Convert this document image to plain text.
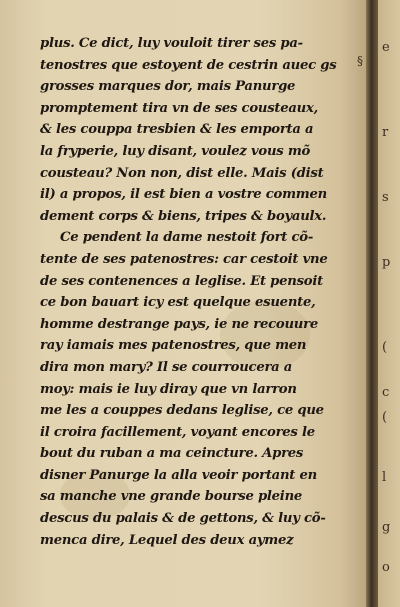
plus. Ce dict, luy vouloit tirer ses pa-
tenostres que estoyent de cestrin auec gs
grosses marques dor, mais Panurge
promptement tira vn de ses cousteaux,
& les couppa tresbien & les emporta a
la fryperie, luy disant, voulez vous mõ
cousteau? Non non, dist elle. Mais (dist
il) a propos, il est bien a vostre commen
dement corps & biens, tripes & boyaulx.
Ce pendent la dame nestoit fort cõ-
tente de ses patenostres: car cestoit vne
de ses contenences a leglise. Et pensoit
ce bon bauart icy est quelque esuente,
homme destrange pays, ie ne recouure
ray iamais mes patenostres, que men
dira mon mary? Il se courroucera a
moy: mais ie luy diray que vn larron
me les a couppes dedans leglise, ce que
il croira facillement, voyant encores le
bout du ruban a ma ceincture. Apres
disner Panurge la alla veoir portant en
sa manche vne grande bourse pleine
descus du palais & de gettons, & luy cõ-
menca dire, Lequel des deux aymez
§
e
r
s
p
(
c
(
l
g
o
